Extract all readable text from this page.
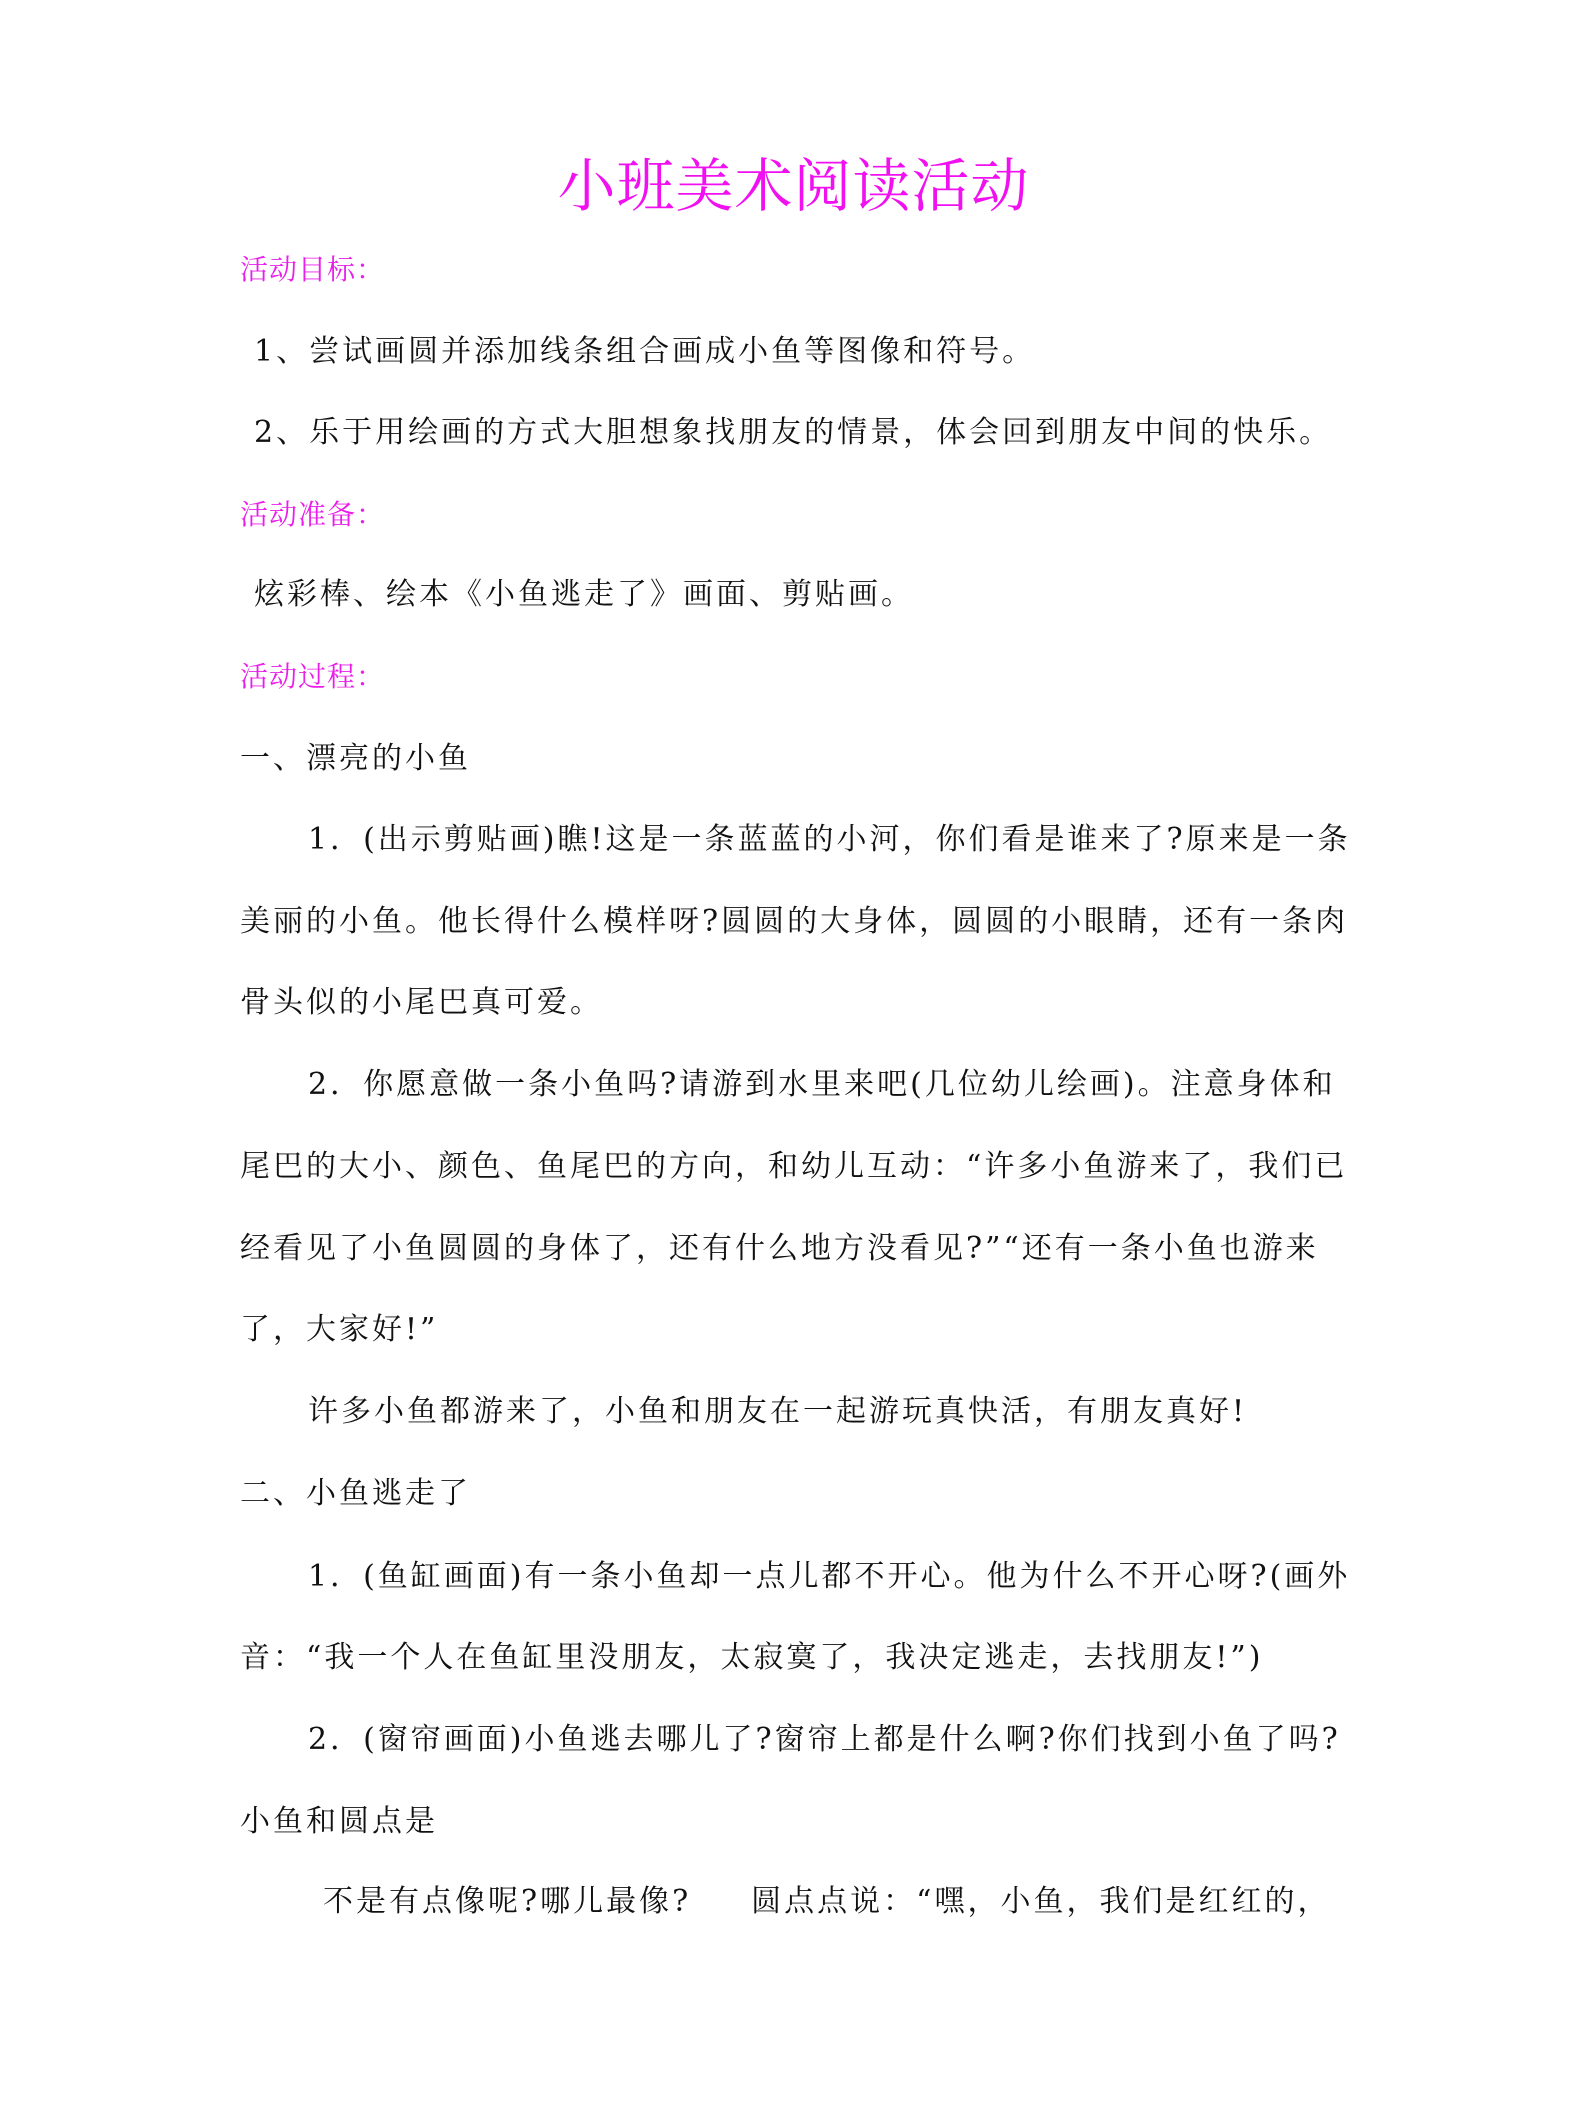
小班美术阅读活动
活动目标：
1、尝试画圆并添加线条组合画成小鱼等图像和符号。
2、乐于用绘画的方式大胆想象找朋友的情景，体会回到朋友中间的快乐。
活动准备：
炫彩棒、绘本《小鱼逃走了》画面、剪贴画。
活动过程：
一、漂亮的小鱼
1．(出示剪贴画)瞧!这是一条蓝蓝的小河，你们看是谁来了?原来是一条
美丽的小鱼。他长得什么模样呀?圆圆的大身体，圆圆的小眼睛，还有一条肉
骨头似的小尾巴真可爱。
2．你愿意做一条小鱼吗?请游到水里来吧(几位幼儿绘画)。注意身体和
尾巴的大小、颜色、鱼尾巴的方向，和幼儿互动：“许多小鱼游来了，我们已
经看见了小鱼圆圆的身体了，还有什么地方没看见?”“还有一条小鱼也游来
了，大家好!”
许多小鱼都游来了，小鱼和朋友在一起游玩真快活，有朋友真好!
二、小鱼逃走了
1．(鱼缸画面)有一条小鱼却一点儿都不开心。他为什么不开心呀?(画外
音：“我一个人在鱼缸里没朋友，太寂寞了，我决定逃走，去找朋友!”)
2．(窗帘画面)小鱼逃去哪儿了?窗帘上都是什么啊?你们找到小鱼了吗?
小鱼和圆点是
不是有点像呢?哪儿最像? 圆点点说：“嘿，小鱼，我们是红红的，
